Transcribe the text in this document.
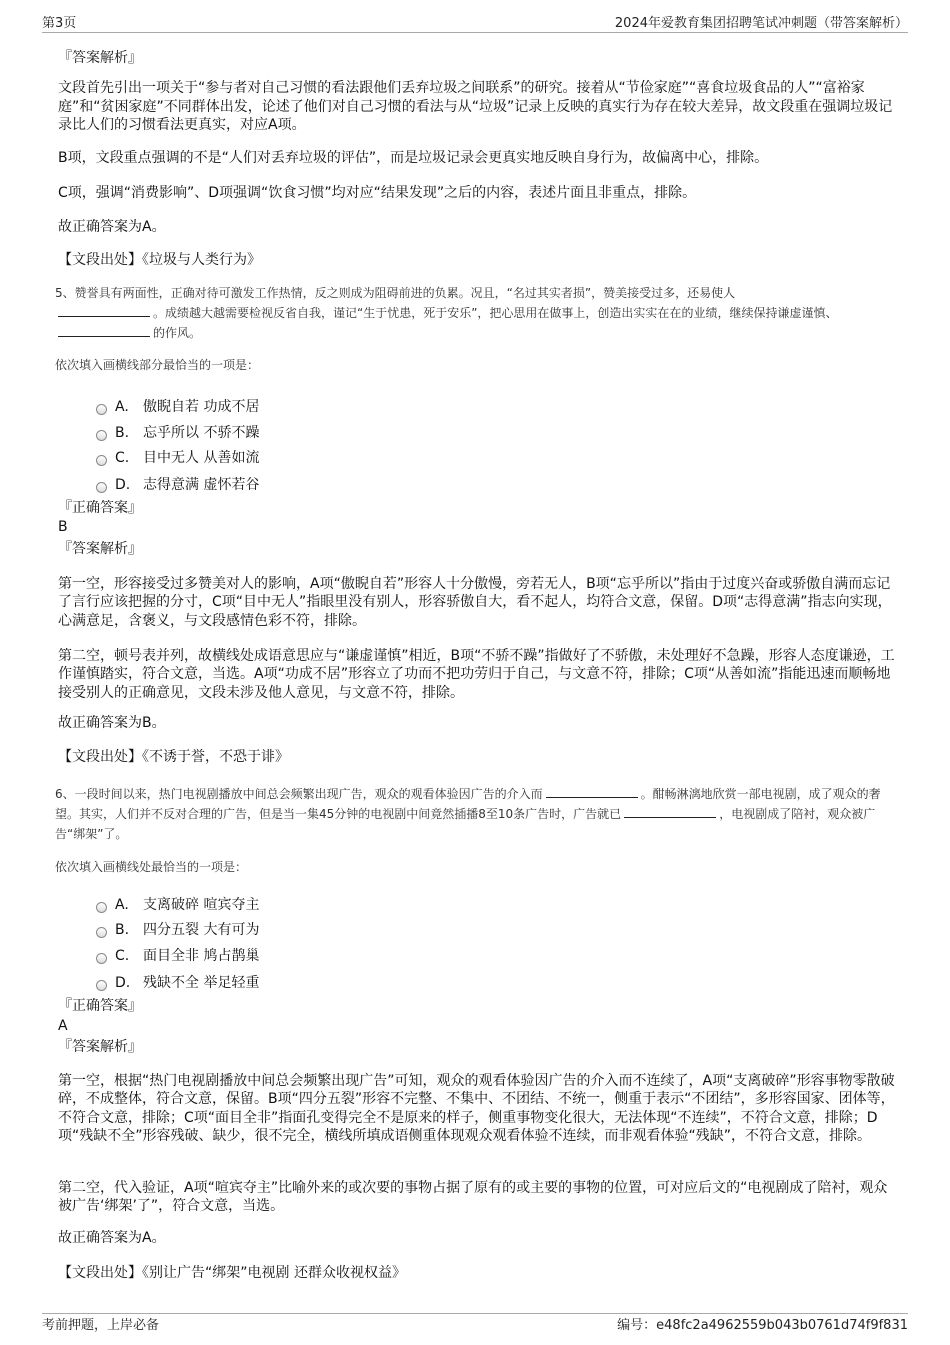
第3页	2024年爱教育集团招聘笔试冲刺题（带答案解析）
『答案解析』
文段首先引出一项关于“参与者对自己习惯的看法跟他们丢弃垃圾之间联系”的研究。接着从“节俭家庭”“喜食垃圾食品的人”“富裕家庭”和“贫困家庭”不同群体出发，论述了他们对自己习惯的看法与从“垃圾”记录上反映的真实行为存在较大差异，故文段重在强调垃圾记录比人们的习惯看法更真实，对应A项。
B项，文段重点强调的不是“人们对丢弃垃圾的评估”，而是垃圾记录会更真实地反映自身行为，故偏离中心，排除。
C项，强调“消费影响”、D项强调“饮食习惯”均对应“结果发现”之后的内容，表述片面且非重点，排除。
故正确答案为A。
【文段出处】《垃圾与人类行为》
5、赞誉具有两面性，正确对待可激发工作热情，反之则成为阻碍前进的负累。况且，“名过其实者损”，赞美接受过多，还易使人
。成绩越大越需要检视反省自我，谨记“生于忧患，死于安乐”，把心思用在做事上，创造出实实在在的业绩，继续保持谦虚谨慎、的作风。
依次填入画横线部分最恰当的一项是：
A.	傲睨自若 功成不居
B. 忘乎所以 不骄不躁
C. 目中无人 从善如流
D. 志得意满 虚怀若谷
『正确答案』
B
『答案解析』
第一空，形容接受过多赞美对人的影响，A项“傲睨自若”形容人十分傲慢，旁若无人，B项“忘乎所以”指由于过度兴奋或骄傲自满而忘记了言行应该把握的分寸，C项“目中无人”指眼里没有别人，形容骄傲自大，看不起人，均符合文意，保留。D项“志得意满”指志向实现，心满意足，含褒义，与文段感情色彩不符，排除。
第二空，顿号表并列，故横线处成语意思应与“谦虚谨慎”相近，B项“不骄不躁”指做好了不骄傲，未处理好不急躁，形容人态度谦逊，工作谨慎踏实，符合文意，当选。A项“功成不居”形容立了功而不把功劳归于自己，与文意不符，排除；C项“从善如流”指能迅速而顺畅地接受别人的正确意见，文段未涉及他人意见，与文意不符，排除。
故正确答案为B。
【文段出处】《不诱于誉，不恐于诽》
6、一段时间以来，热门电视剧播放中间总会频繁出现广告，观众的观看体验因广告的介入而	。酣畅淋漓地欣赏一部电视剧，成了观众的奢望。其实，人们并不反对合理的广告，但是当一集45分钟的电视剧中间竟然插播8至10条广告时，广告就已	，电视剧成了陪衬，观众被广告“绑架”了。
依次填入画横线处最恰当的一项是：
A.	支离破碎 喧宾夺主
B. 四分五裂 大有可为
C. 面目全非 鸠占鹊巢
D. 残缺不全 举足轻重
『正确答案』
A
『答案解析』
第一空，根据“热门电视剧播放中间总会频繁出现广告”可知，观众的观看体验因广告的介入而不连续了，A项“支离破碎”形容事物零散破碎，不成整体，符合文意，保留。B项“四分五裂”形容不完整、不集中、不团结、不统一，侧重于表示“不团结”，多形容国家、团体等，不符合文意，排除；C项“面目全非”指面孔变得完全不是原来的样子，侧重事物变化很大，无法体现“不连续”，不符合文意，排除；D项“残缺不全”形容残破、缺少，很不完全，横线所填成语侧重体现观众观看体验不连续，而非观看体验“残缺”，不符合文意，排除。
第二空，代入验证，A项“喧宾夺主”比喻外来的或次要的事物占据了原有的或主要的事物的位置，可对应后文的“电视剧成了陪衬，观众被广告‘绑架’了”，符合文意，当选。
故正确答案为A。
【文段出处】《别让广告“绑架”电视剧 还群众收视权益》
考前押题，上岸必备	编号：e48fc2a4962559b043b0761d74f9f831
